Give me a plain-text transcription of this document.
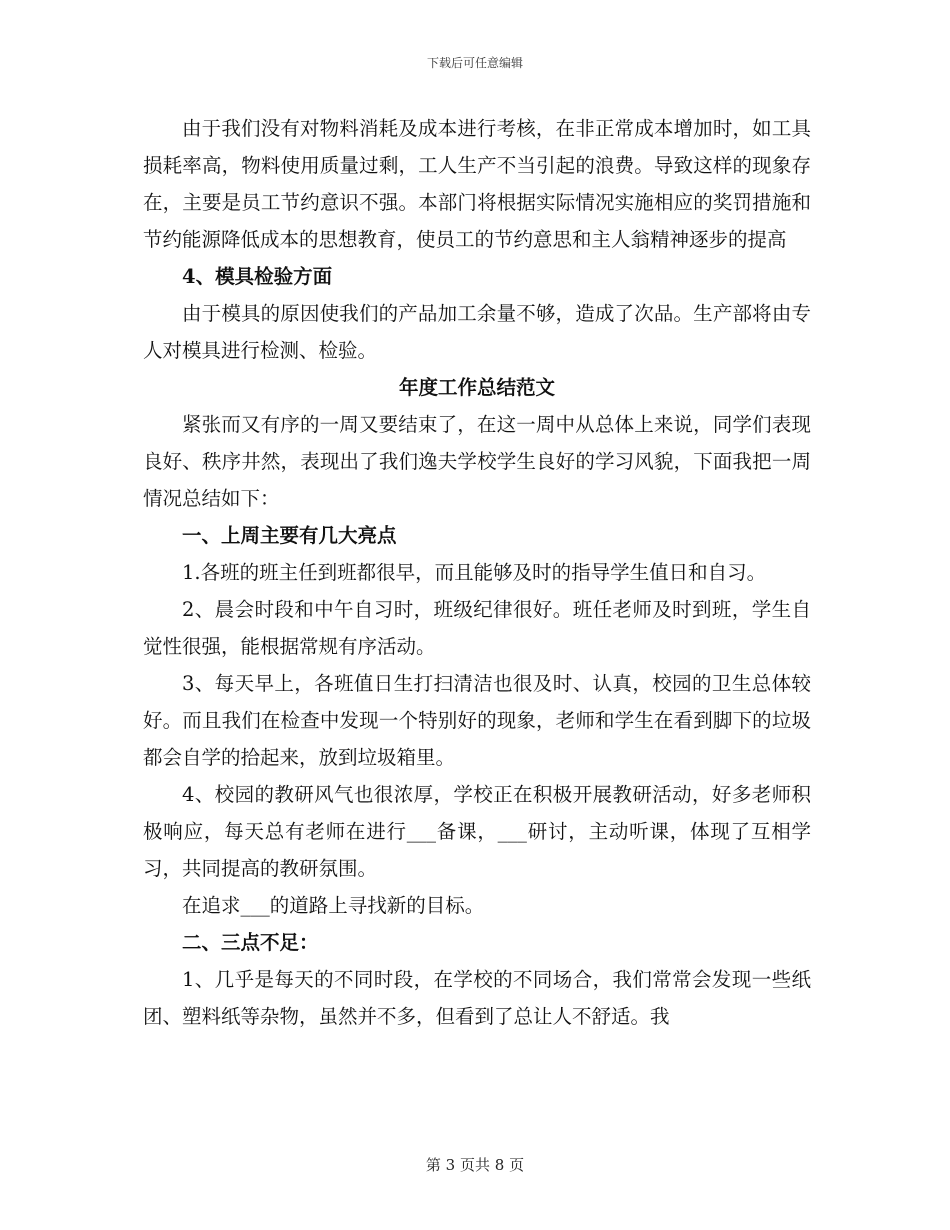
下载后可任意编辑

由于我们没有对物料消耗及成本进行考核，在非正常成本增加时，如工具损耗率高，物料使用质量过剩，工人生产不当引起的浪费。导致这样的现象存在，主要是员工节约意识不强。本部门将根据实际情况实施相应的奖罚措施和节约能源降低成本的思想教育，使员工的节约意思和主人翁精神逐步的提高

4、模具检验方面

由于模具的原因使我们的产品加工余量不够，造成了次品。生产部将由专人对模具进行检测、检验。

年度工作总结范文

紧张而又有序的一周又要结束了，在这一周中从总体上来说，同学们表现良好、秩序井然，表现出了我们逸夫学校学生良好的学习风貌，下面我把一周情况总结如下：

一、上周主要有几大亮点

1.各班的班主任到班都很早，而且能够及时的指导学生值日和自习。

2、晨会时段和中午自习时，班级纪律很好。班任老师及时到班，学生自觉性很强，能根据常规有序活动。

3、每天早上，各班值日生打扫清洁也很及时、认真，校园的卫生总体较好。而且我们在检查中发现一个特别好的现象，老师和学生在看到脚下的垃圾都会自学的拾起来，放到垃圾箱里。

4、校园的教研风气也很浓厚，学校正在积极开展教研活动，好多老师积极响应，每天总有老师在进行___备课，___研讨，主动听课，体现了互相学习，共同提高的教研氛围。

在追求___的道路上寻找新的目标。

二、三点不足：

1、几乎是每天的不同时段，在学校的不同场合，我们常常会发现一些纸团、塑料纸等杂物，虽然并不多，但看到了总让人不舒适。我

第 3 页共 8 页
